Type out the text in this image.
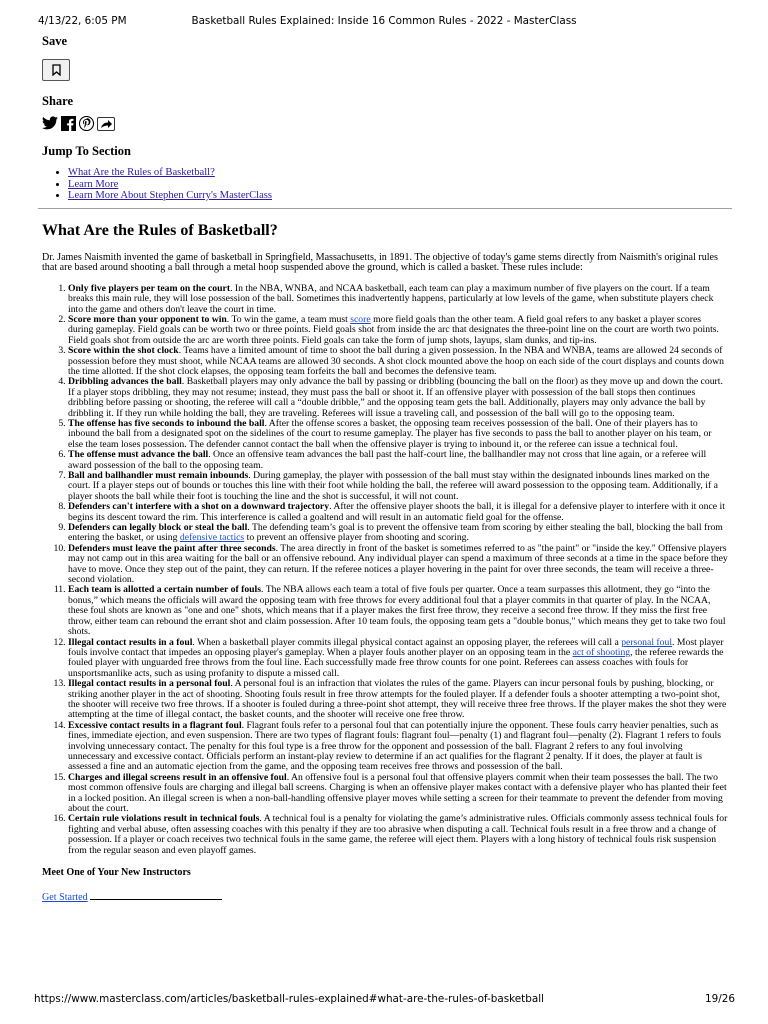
4/13/22, 6:05 PM	Basketball Rules Explained: Inside 16 Common Rules - 2022 - MasterClass
Save
Share
Jump To Section
• What Are the Rules of Basketball?
• Learn More
• Learn More About Stephen Curry's MasterClass
What Are the Rules of Basketball?

Dr. James Naismith invented the game of basketball in Springfield, Massachusetts, in 1891. The objective of today's game stems directly from Naismith's original rules that are based around shooting a ball through a metal hoop suspended above the ground, which is called a basket. These rules include:

1. Only five players per team on the court. In the NBA, WNBA, and NCAA basketball, each team can play a maximum number of five players on the court. If a team breaks this main rule, they will lose possession of the ball. Sometimes this inadvertently happens, particularly at low levels of the game, when substitute players check into the game and others don't leave the court in time.
2. Score more than your opponent to win. To win the game, a team must score more field goals than the other team. A field goal refers to any basket a player scores during gameplay. Field goals can be worth two or three points. Field goals shot from inside the arc that designates the three-point line on the court are worth two points. Field goals shot from outside the arc are worth three points. Field goals can take the form of jump shots, layups, slam dunks, and tip-ins.
3. Score within the shot clock. Teams have a limited amount of time to shoot the ball during a given possession. In the NBA and WNBA, teams are allowed 24 seconds of possession before they must shoot, while NCAA teams are allowed 30 seconds. A shot clock mounted above the hoop on each side of the court displays and counts down the time allotted. If the shot clock elapses, the opposing team forfeits the ball and becomes the defensive team.
4. Dribbling advances the ball. Basketball players may only advance the ball by passing or dribbling (bouncing the ball on the floor) as they move up and down the court. If a player stops dribbling, they may not resume; instead, they must pass the ball or shoot it. If an offensive player with possession of the ball stops then continues dribbling before passing or shooting, the referee will call a “double dribble,” and the opposing team gets the ball. Additionally, players may only advance the ball by dribbling it. If they run while holding the ball, they are traveling. Referees will issue a traveling call, and possession of the ball will go to the opposing team.
5. The offense has five seconds to inbound the ball. After the offense scores a basket, the opposing team receives possession of the ball. One of their players has to inbound the ball from a designated spot on the sidelines of the court to resume gameplay. The player has five seconds to pass the ball to another player on his team, or else the team loses possession. The defender cannot contact the ball when the offensive player is trying to inbound it, or the referee can issue a technical foul.
6. The offense must advance the ball. Once an offensive team advances the ball past the half-court line, the ballhandler may not cross that line again, or a referee will award possession of the ball to the opposing team.
7. Ball and ballhandler must remain inbounds. During gameplay, the player with possession of the ball must stay within the designated inbounds lines marked on the court. If a player steps out of bounds or touches this line with their foot while holding the ball, the referee will award possession to the opposing team. Additionally, if a player shoots the ball while their foot is touching the line and the shot is successful, it will not count.
8. Defenders can't interfere with a shot on a downward trajectory. After the offensive player shoots the ball, it is illegal for a defensive player to interfere with it once it begins its descent toward the rim. This interference is called a goaltend and will result in an automatic field goal for the offense.
9. Defenders can legally block or steal the ball. The defending team’s goal is to prevent the offensive team from scoring by either stealing the ball, blocking the ball from entering the basket, or using defensive tactics to prevent an offensive player from shooting and scoring.
10. Defenders must leave the paint after three seconds. The area directly in front of the basket is sometimes referred to as "the paint" or "inside the key." Offensive players may not camp out in this area waiting for the ball or an offensive rebound. Any individual player can spend a maximum of three seconds at a time in the space before they have to move. Once they step out of the paint, they can return. If the referee notices a player hovering in the paint for over three seconds, the team will receive a three-second violation.
11. Each team is allotted a certain number of fouls. The NBA allows each team a total of five fouls per quarter. Once a team surpasses this allotment, they go “into the bonus,” which means the officials will award the opposing team with free throws for every additional foul that a player commits in that quarter of play. In the NCAA, these foul shots are known as "one and one" shots, which means that if a player makes the first free throw, they receive a second free throw. If they miss the first free throw, either team can rebound the errant shot and claim possession. After 10 team fouls, the opposing team gets a "double bonus," which means they get to take two foul shots.
12. Illegal contact results in a foul. When a basketball player commits illegal physical contact against an opposing player, the referees will call a personal foul. Most player fouls involve contact that impedes an opposing player's gameplay. When a player fouls another player on an opposing team in the act of shooting, the referee rewards the fouled player with unguarded free throws from the foul line. Each successfully made free throw counts for one point. Referees can assess coaches with fouls for unsportsmanlike acts, such as using profanity to dispute a missed call.
13. Illegal contact results in a personal foul. A personal foul is an infraction that violates the rules of the game. Players can incur personal fouls by pushing, blocking, or striking another player in the act of shooting. Shooting fouls result in free throw attempts for the fouled player. If a defender fouls a shooter attempting a two-point shot, the shooter will receive two free throws. If a shooter is fouled during a three-point shot attempt, they will receive three free throws. If the player makes the shot they were attempting at the time of illegal contact, the basket counts, and the shooter will receive one free throw.
14. Excessive contact results in a flagrant foul. Flagrant fouls refer to a personal foul that can potentially injure the opponent. These fouls carry heavier penalties, such as fines, immediate ejection, and even suspension. There are two types of flagrant fouls: flagrant foul—penalty (1) and flagrant foul—penalty (2). Flagrant 1 refers to fouls involving unnecessary contact. The penalty for this foul type is a free throw for the opponent and possession of the ball. Flagrant 2 refers to any foul involving unnecessary and excessive contact. Officials perform an instant-play review to determine if an act qualifies for the flagrant 2 penalty. If it does, the player at fault is assessed a fine and an automatic ejection from the game, and the opposing team receives free throws and possession of the ball.
15. Charges and illegal screens result in an offensive foul. An offensive foul is a personal foul that offensive players commit when their team possesses the ball. The two most common offensive fouls are charging and illegal ball screens. Charging is when an offensive player makes contact with a defensive player who has planted their feet in a locked position. An illegal screen is when a non-ball-handling offensive player moves while setting a screen for their teammate to prevent the defender from moving about the court.
16. Certain rule violations result in technical fouls. A technical foul is a penalty for violating the game’s administrative rules. Officials commonly assess technical fouls for fighting and verbal abuse, often assessing coaches with this penalty if they are too abrasive when disputing a call. Technical fouls result in a free throw and a change of possession. If a player or coach receives two technical fouls in the same game, the referee will eject them. Players with a long history of technical fouls risk suspension from the regular season and even playoff games.
Meet One of Your New Instructors
Get Started
https://www.masterclass.com/articles/basketball-rules-explained#what-are-the-rules-of-basketball	19/26
